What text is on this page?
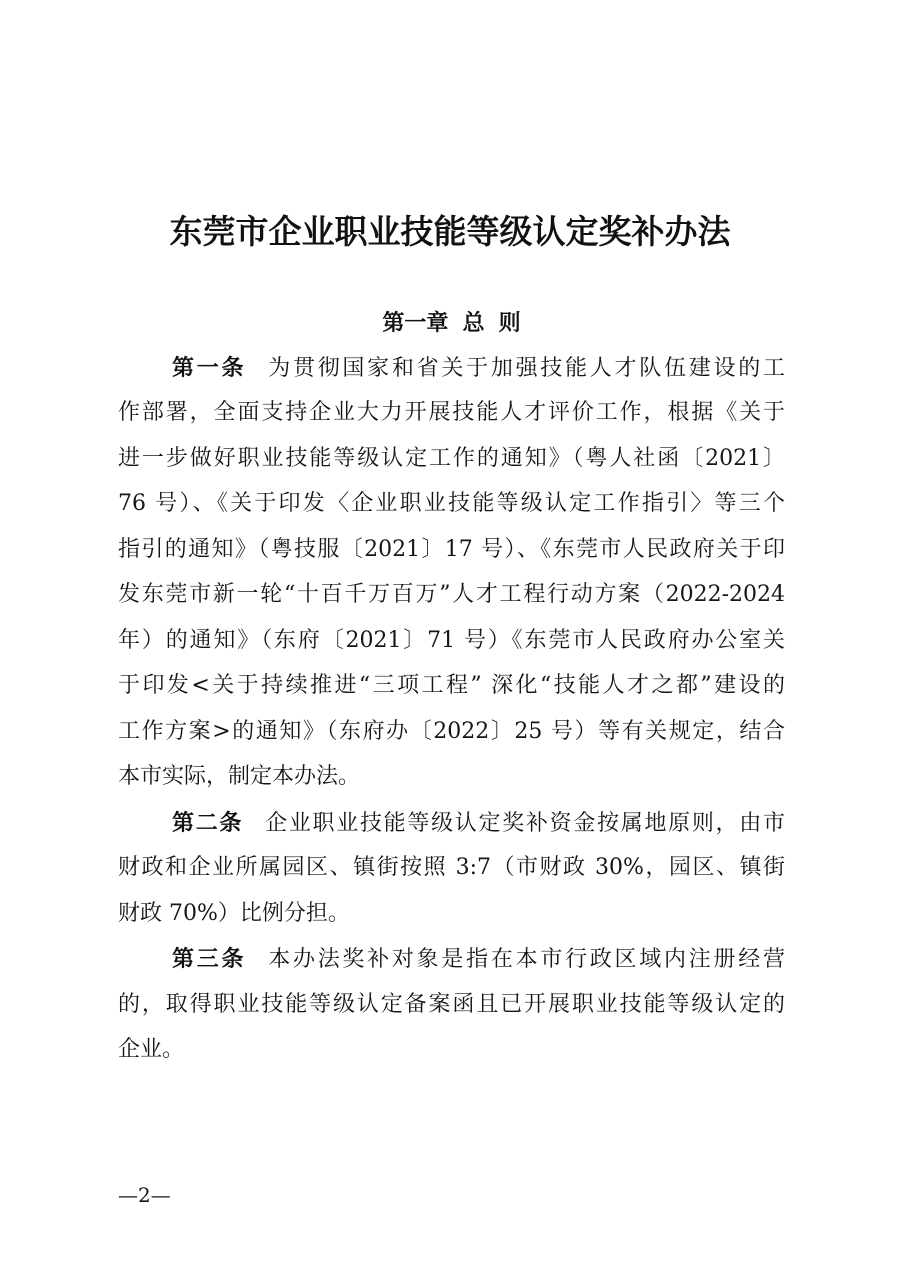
东莞市企业职业技能等级认定奖补办法
第一章 总 则
第一条 为贯彻国家和省关于加强技能人才队伍建设的工
作部署，全面支持企业大力开展技能人才评价工作，根据《关于
进一步做好职业技能等级认定工作的通知》（粤人社函〔2021〕
76 号）、《关于印发〈企业职业技能等级认定工作指引〉等三个
指引的通知》（粤技服〔2021〕17 号）、《东莞市人民政府关于印
发东莞市新一轮“十百千万百万”人才工程行动方案（2022-2024
年）的通知》（东府〔2021〕71 号）《东莞市人民政府办公室关
于印发<关于持续推进“三项工程” 深化“技能人才之都”建设的
工作方案>的通知》（东府办〔2022〕25 号）等有关规定，结合
本市实际，制定本办法。
第二条 企业职业技能等级认定奖补资金按属地原则，由市
财政和企业所属园区、镇街按照 3:7（市财政 30%，园区、镇街
财政 70%）比例分担。
第三条 本办法奖补对象是指在本市行政区域内注册经营
的，取得职业技能等级认定备案函且已开展职业技能等级认定的
企业。
—2—
